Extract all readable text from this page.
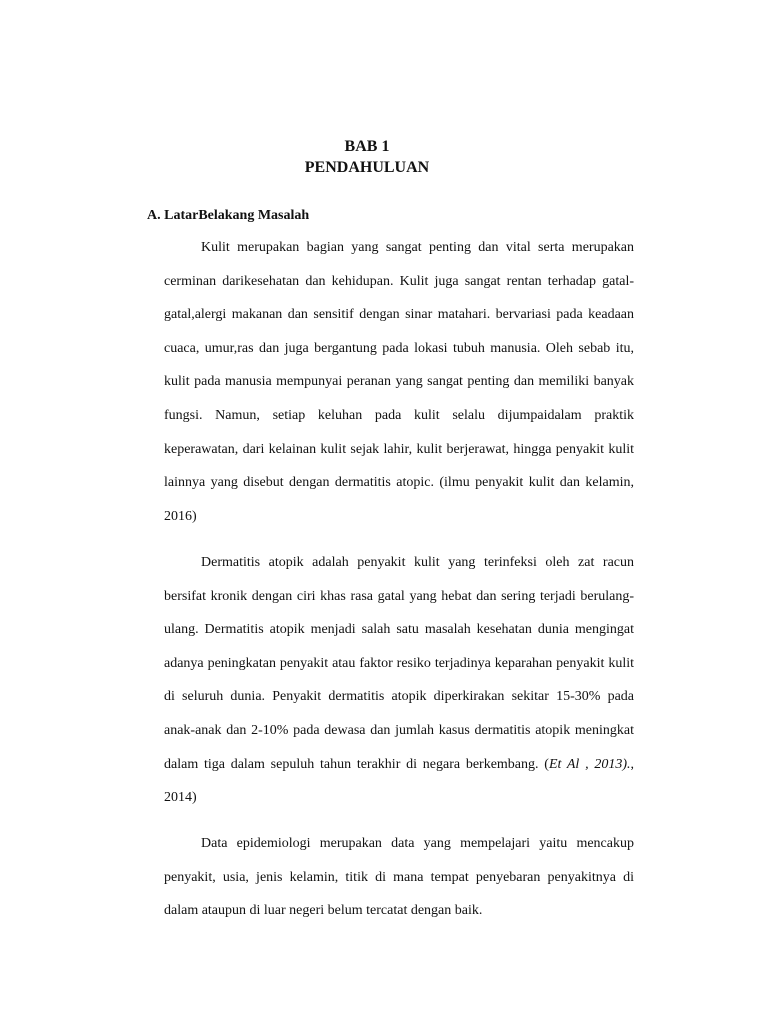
BAB 1
PENDAHULUAN
A. LatarBelakang Masalah

Kulit merupakan bagian yang sangat penting dan vital serta merupakan cerminan darikesehatan dan kehidupan. Kulit juga sangat rentan terhadap gatal-gatal,alergi makanan dan sensitif dengan sinar matahari. bervariasi pada keadaan cuaca, umur,ras dan juga bergantung pada lokasi tubuh manusia. Oleh sebab itu, kulit pada manusia mempunyai peranan yang sangat penting dan memiliki banyak fungsi. Namun, setiap keluhan pada kulit selalu dijumpaidalam praktik keperawatan, dari kelainan kulit sejak lahir, kulit berjerawat, hingga penyakit kulit lainnya yang disebut dengan dermatitis atopic. (ilmu penyakit kulit dan kelamin, 2016)

Dermatitis atopik adalah penyakit kulit yang terinfeksi oleh zat racun bersifat kronik dengan ciri khas rasa gatal yang hebat dan sering terjadi berulang-ulang. Dermatitis atopik menjadi salah satu masalah kesehatan dunia mengingat adanya peningkatan penyakit atau faktor resiko terjadinya keparahan penyakit kulit di seluruh dunia. Penyakit dermatitis atopik diperkirakan sekitar 15-30% pada anak-anak dan 2-10% pada dewasa dan jumlah kasus dermatitis atopik meningkat dalam tiga dalam sepuluh tahun terakhir di negara berkembang. (Et Al , 2013)., 2014)

Data epidemiologi merupakan data yang mempelajari yaitu mencakup penyakit, usia, jenis kelamin, titik di mana tempat penyebaran penyakitnya di dalam ataupun di luar negeri belum tercatat dengan baik.
